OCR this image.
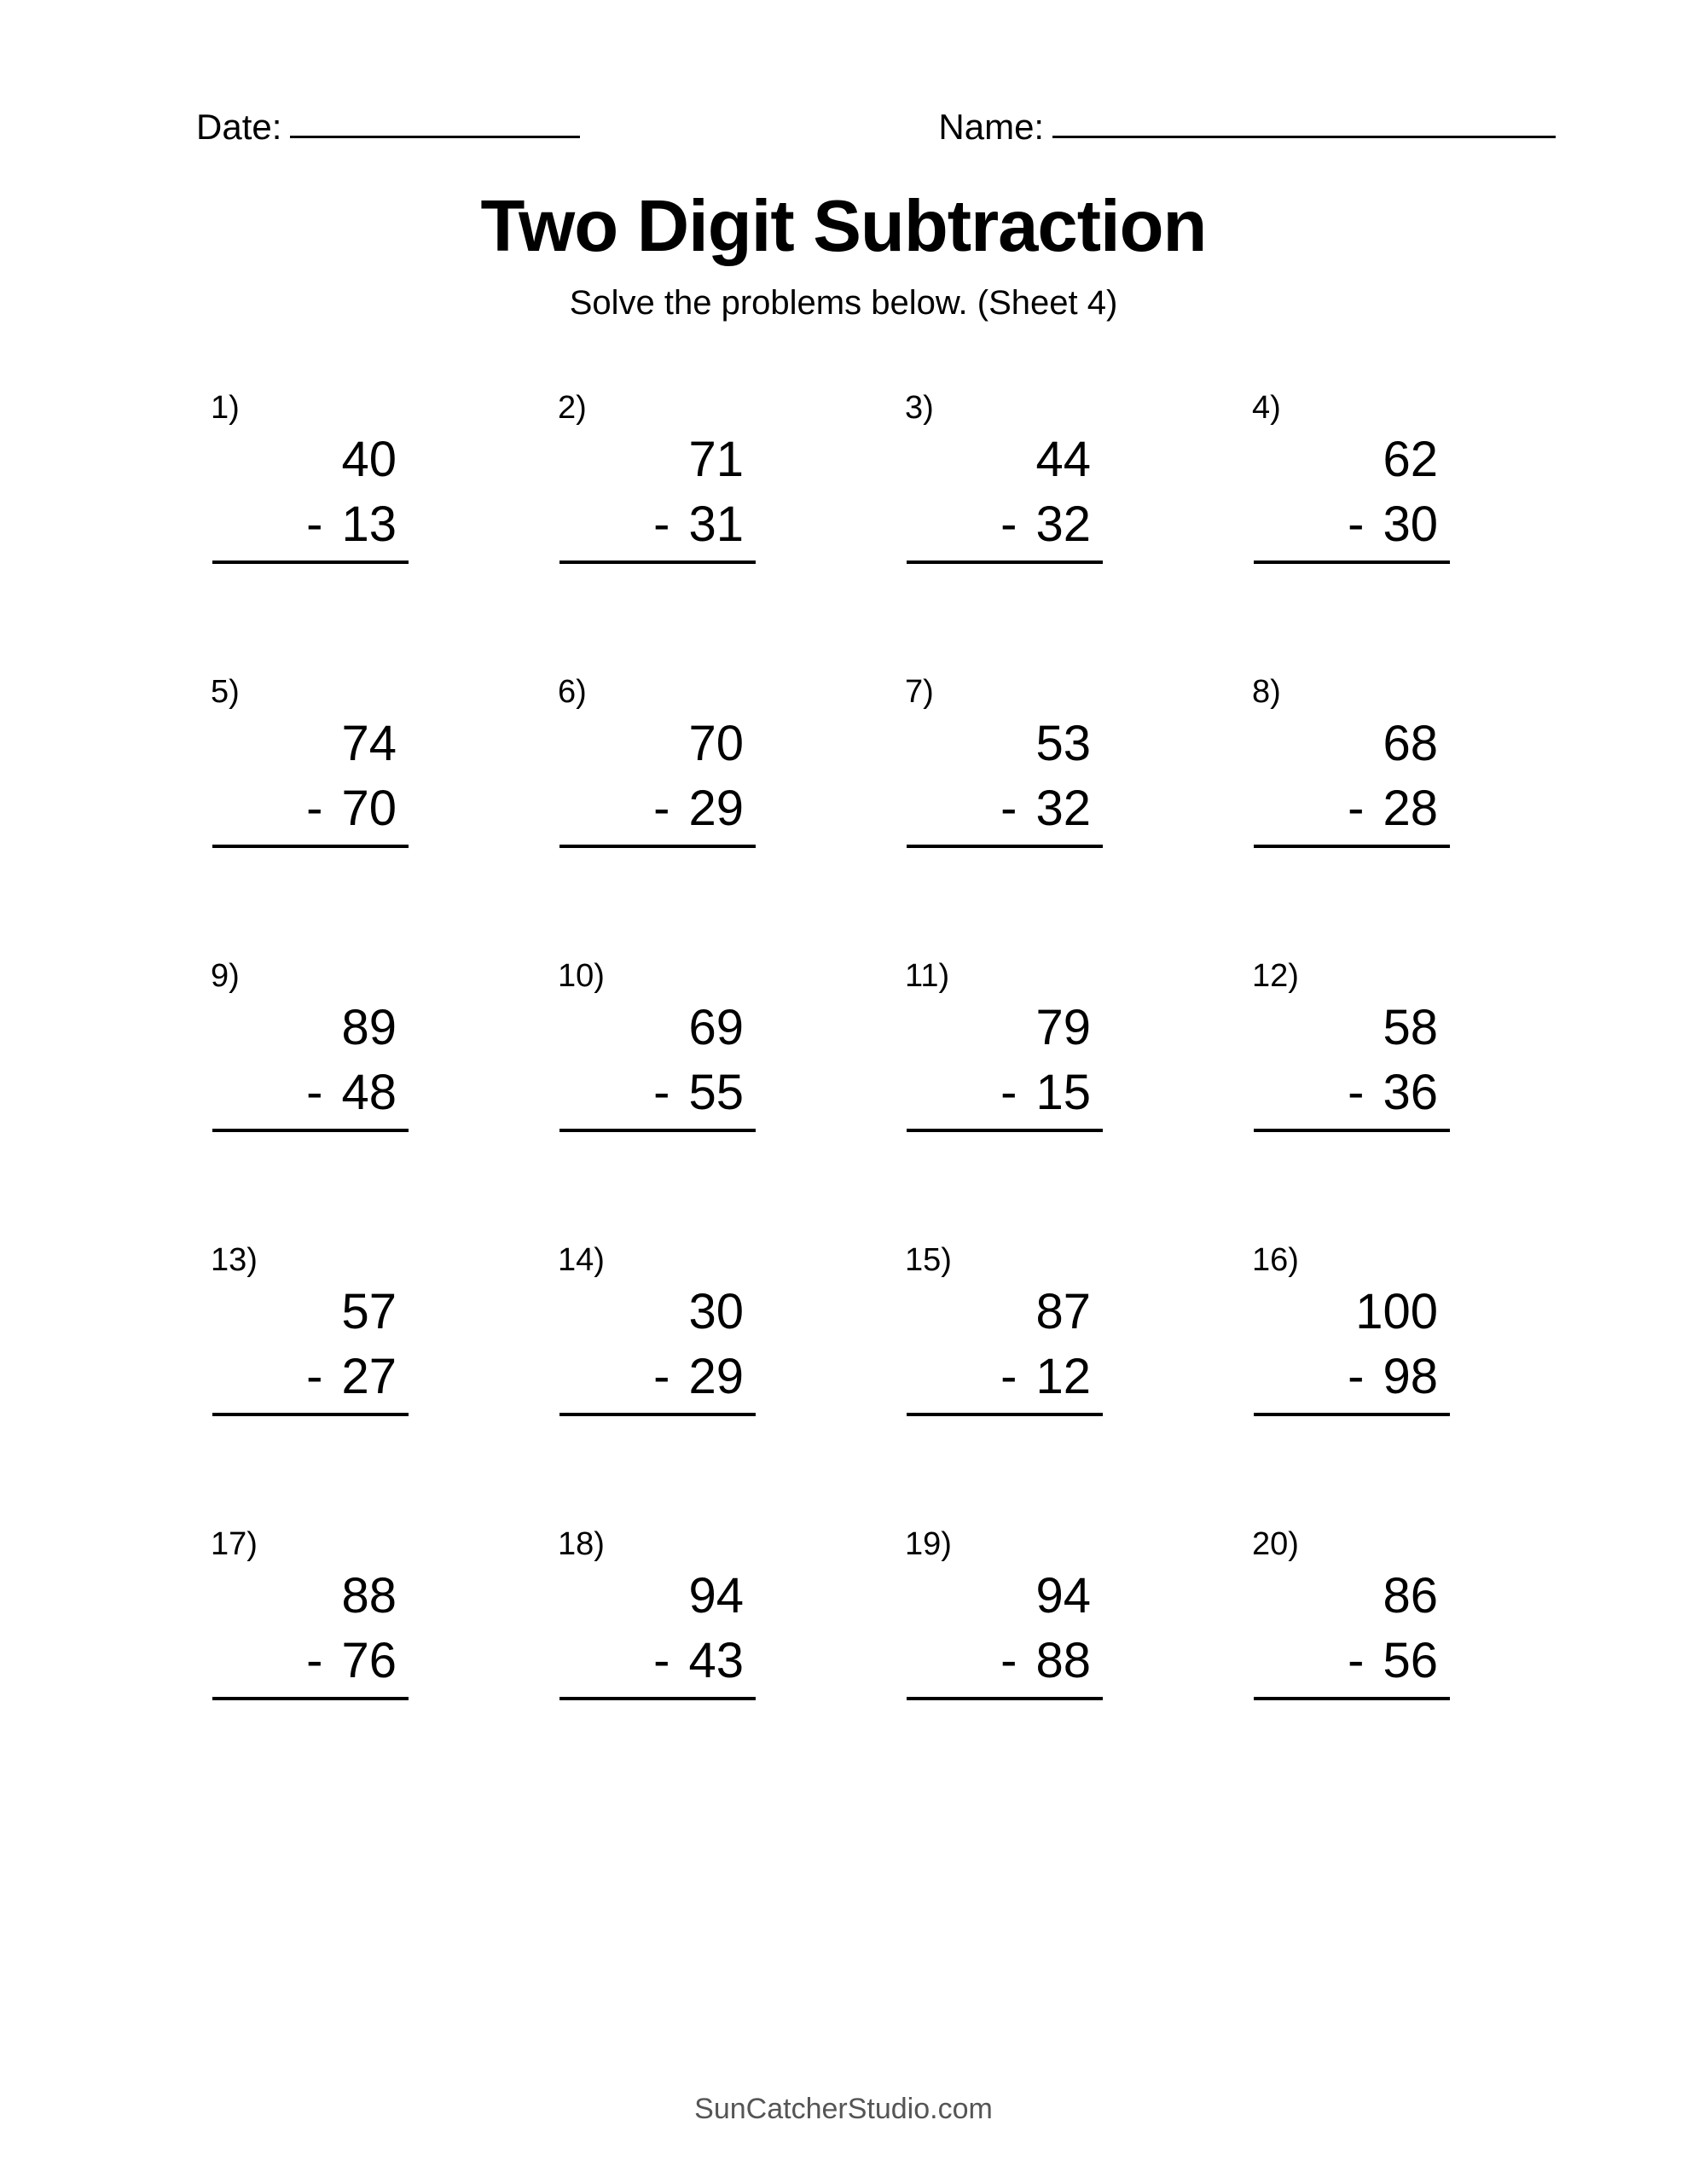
Date:	Name:
Two Digit Subtraction
Solve the problems below. (Sheet 4)
1)
40
- 13
2)
71
- 31
3)
44
- 32
4)
62
- 30
5)
74
- 70
6)
70
- 29
7)
53
- 32
8)
68
- 28
9)
89
- 48
10)
69
- 55
11)
79
- 15
12)
58
- 36
13)
57
- 27
14)
30
- 29
15)
87
- 12
16)
100
- 98
17)
88
- 76
18)
94
- 43
19)
94
- 88
20)
86
- 56
SunCatcherStudio.com
